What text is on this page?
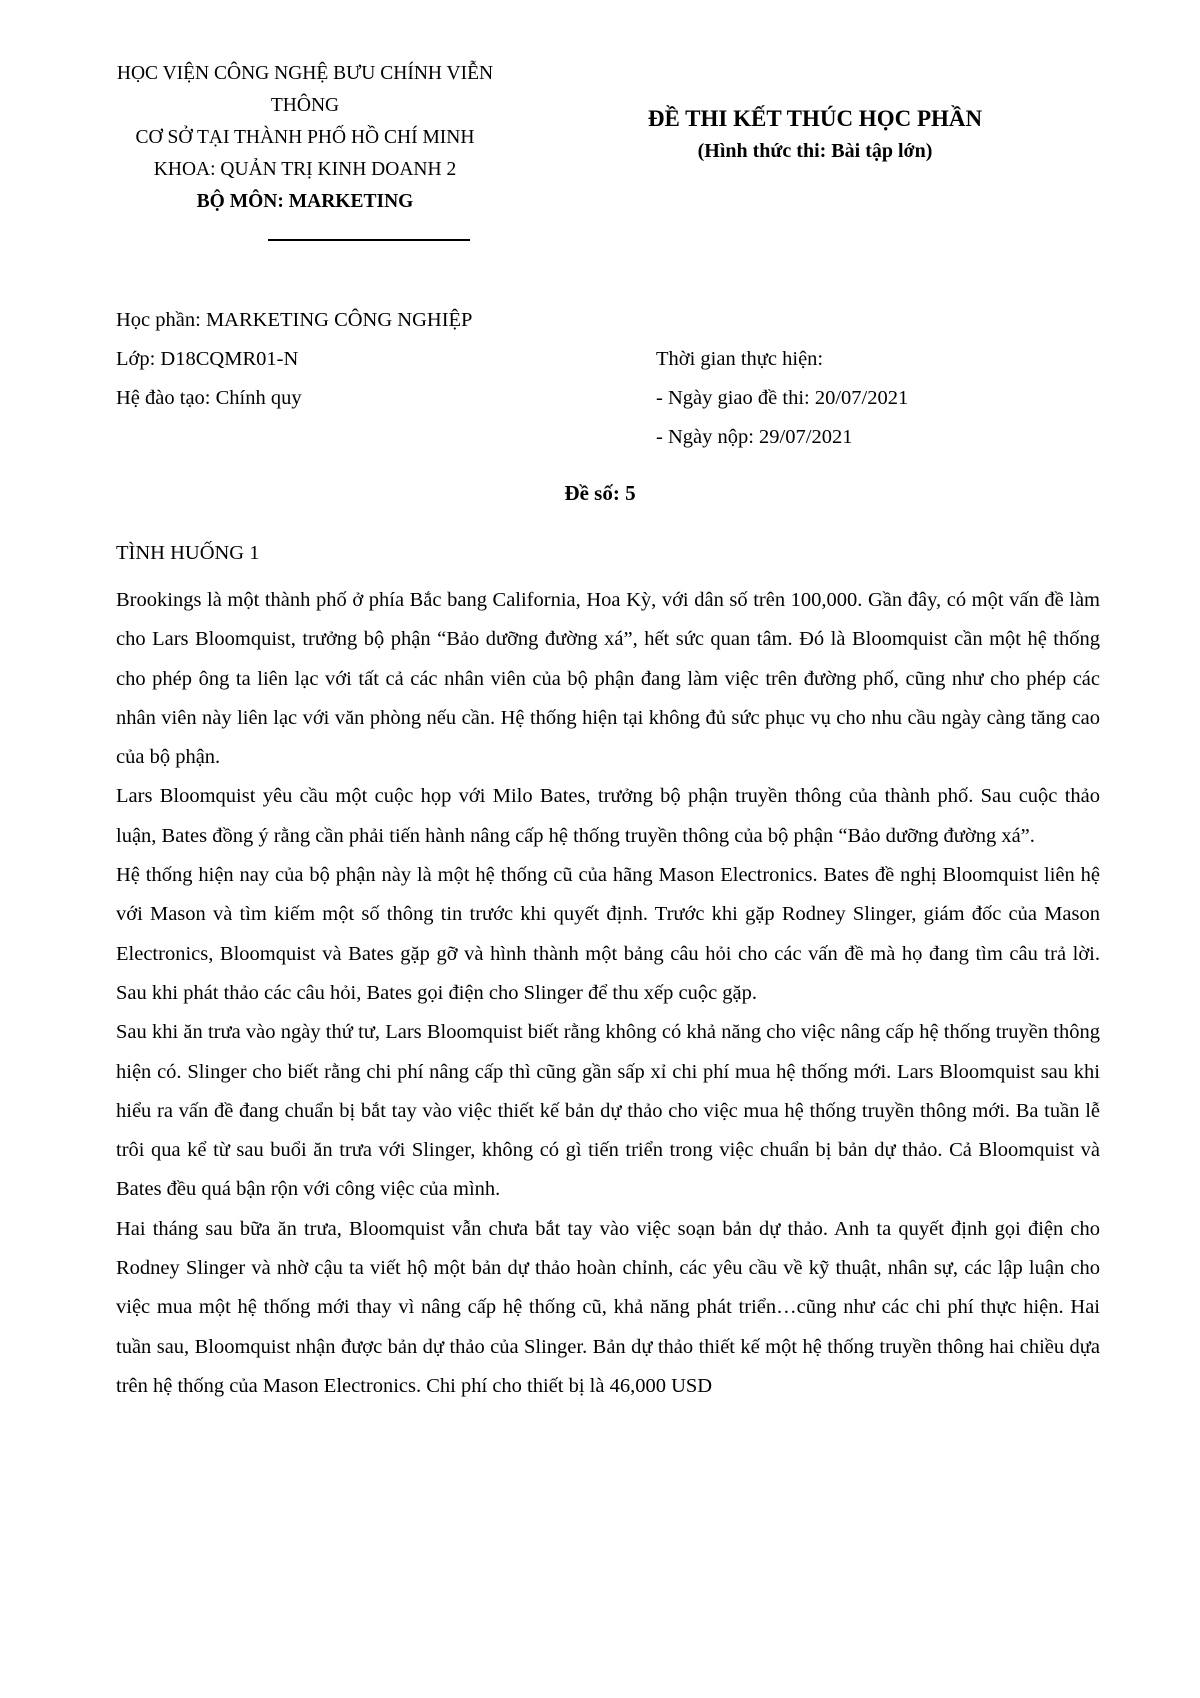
HỌC VIỆN CÔNG NGHỆ BƯU CHÍNH VIỄN THÔNG
CƠ SỞ TẠI THÀNH PHỐ HỒ CHÍ MINH
KHOA: QUẢN TRỊ KINH DOANH 2
BỘ MÔN: MARKETING
ĐỀ THI KẾT THÚC HỌC PHẦN
(Hình thức thi: Bài tập lớn)
Học phần: MARKETING CÔNG NGHIỆP
Lớp: D18CQMR01-N
Hệ đào tạo: Chính quy
Thời gian thực hiện:
- Ngày giao đề thi: 20/07/2021
- Ngày nộp: 29/07/2021
Đề số: 5
TÌNH HUỐNG 1

Brookings là một thành phố ở phía Bắc bang California, Hoa Kỳ, với dân số trên 100,000. Gần đây, có một vấn đề làm cho Lars Bloomquist, trưởng bộ phận “Bảo dưỡng đường xá”, hết sức quan tâm. Đó là Bloomquist cần một hệ thống cho phép ông ta liên lạc với tất cả các nhân viên của bộ phận đang làm việc trên đường phố, cũng như cho phép các nhân viên này liên lạc với văn phòng nếu cần. Hệ thống hiện tại không đủ sức phục vụ cho nhu cầu ngày càng tăng cao của bộ phận.

Lars Bloomquist yêu cầu một cuộc họp với Milo Bates, trưởng bộ phận truyền thông của thành phố. Sau cuộc thảo luận, Bates đồng ý rằng cần phải tiến hành nâng cấp hệ thống truyền thông của bộ phận “Bảo dưỡng đường xá”.

Hệ thống hiện nay của bộ phận này là một hệ thống cũ của hãng Mason Electronics. Bates đề nghị Bloomquist liên hệ với Mason và tìm kiếm một số thông tin trước khi quyết định. Trước khi gặp Rodney Slinger, giám đốc của Mason Electronics, Bloomquist và Bates gặp gỡ và hình thành một bảng câu hỏi cho các vấn đề mà họ đang tìm câu trả lời. Sau khi phát thảo các câu hỏi, Bates gọi điện cho Slinger để thu xếp cuộc gặp.

Sau khi ăn trưa vào ngày thứ tư, Lars Bloomquist biết rằng không có khả năng cho việc nâng cấp hệ thống truyền thông hiện có. Slinger cho biết rằng chi phí nâng cấp thì cũng gần sấp xỉ chi phí mua hệ thống mới. Lars Bloomquist sau khi hiểu ra vấn đề đang chuẩn bị bắt tay vào việc thiết kế bản dự thảo cho việc mua hệ thống truyền thông mới. Ba tuần lễ trôi qua kể từ sau buổi ăn trưa với Slinger, không có gì tiến triển trong việc chuẩn bị bản dự thảo. Cả Bloomquist và Bates đều quá bận rộn với công việc của mình.

Hai tháng sau bữa ăn trưa, Bloomquist vẫn chưa bắt tay vào việc soạn bản dự thảo. Anh ta quyết định gọi điện cho Rodney Slinger và nhờ cậu ta viết hộ một bản dự thảo hoàn chỉnh, các yêu cầu về kỹ thuật, nhân sự, các lập luận cho việc mua một hệ thống mới thay vì nâng cấp hệ thống cũ, khả năng phát triển…cũng như các chi phí thực hiện. Hai tuần sau, Bloomquist nhận được bản dự thảo của Slinger. Bản dự thảo thiết kế một hệ thống truyền thông hai chiều dựa trên hệ thống của Mason Electronics. Chi phí cho thiết bị là 46,000 USD
